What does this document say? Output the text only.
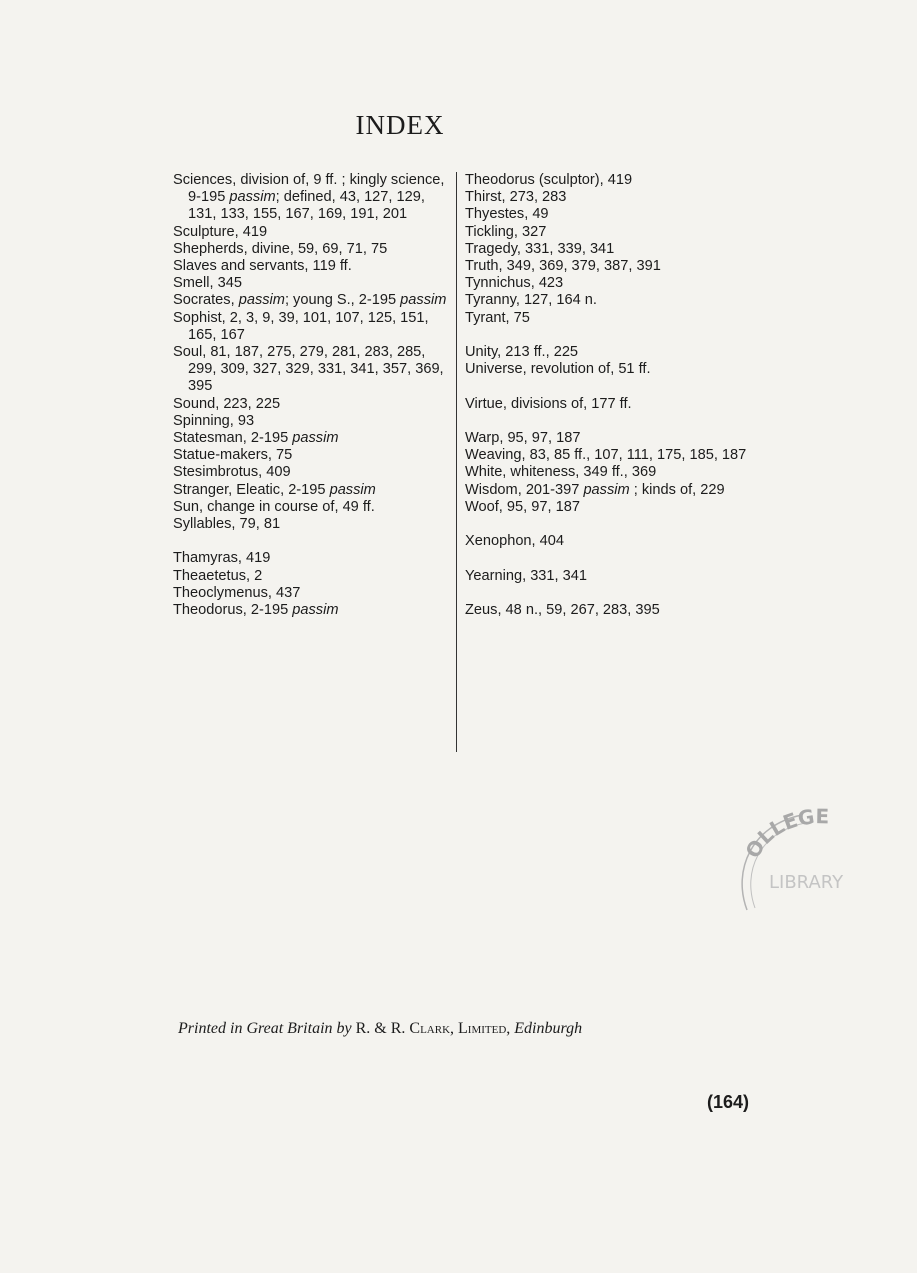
INDEX
Sciences, division of, 9 ff. ; kingly science, 9-195 passim; defined, 43, 127, 129, 131, 133, 155, 167, 169, 191, 201
Sculpture, 419
Shepherds, divine, 59, 69, 71, 75
Slaves and servants, 119 ff.
Smell, 345
Socrates, passim; young S., 2-195 passim
Sophist, 2, 3, 9, 39, 101, 107, 125, 151, 165, 167
Soul, 81, 187, 275, 279, 281, 283, 285, 299, 309, 327, 329, 331, 341, 357, 369, 395
Sound, 223, 225
Spinning, 93
Statesman, 2-195 passim
Statue-makers, 75
Stesimbrotus, 409
Stranger, Eleatic, 2-195 passim
Sun, change in course of, 49 ff.
Syllables, 79, 81
Thamyras, 419
Theaetetus, 2
Theoclymenus, 437
Theodorus, 2-195 passim
Theodorus (sculptor), 419
Thirst, 273, 283
Thyestes, 49
Tickling, 327
Tragedy, 331, 339, 341
Truth, 349, 369, 379, 387, 391
Tynnichus, 423
Tyranny, 127, 164 n.
Tyrant, 75
Unity, 213 ff., 225
Universe, revolution of, 51 ff.
Virtue, divisions of, 177 ff.
Warp, 95, 97, 187
Weaving, 83, 85 ff., 107, 111, 175, 185, 187
White, whiteness, 349 ff., 369
Wisdom, 201-397 passim ; kinds of, 229
Woof, 95, 97, 187
Xenophon, 404
Yearning, 331, 341
Zeus, 48 n., 59, 267, 283, 395
OLLEGE
LIBRARY
Printed in Great Britain by R. & R. Clark, Limited, Edinburgh
(164)
